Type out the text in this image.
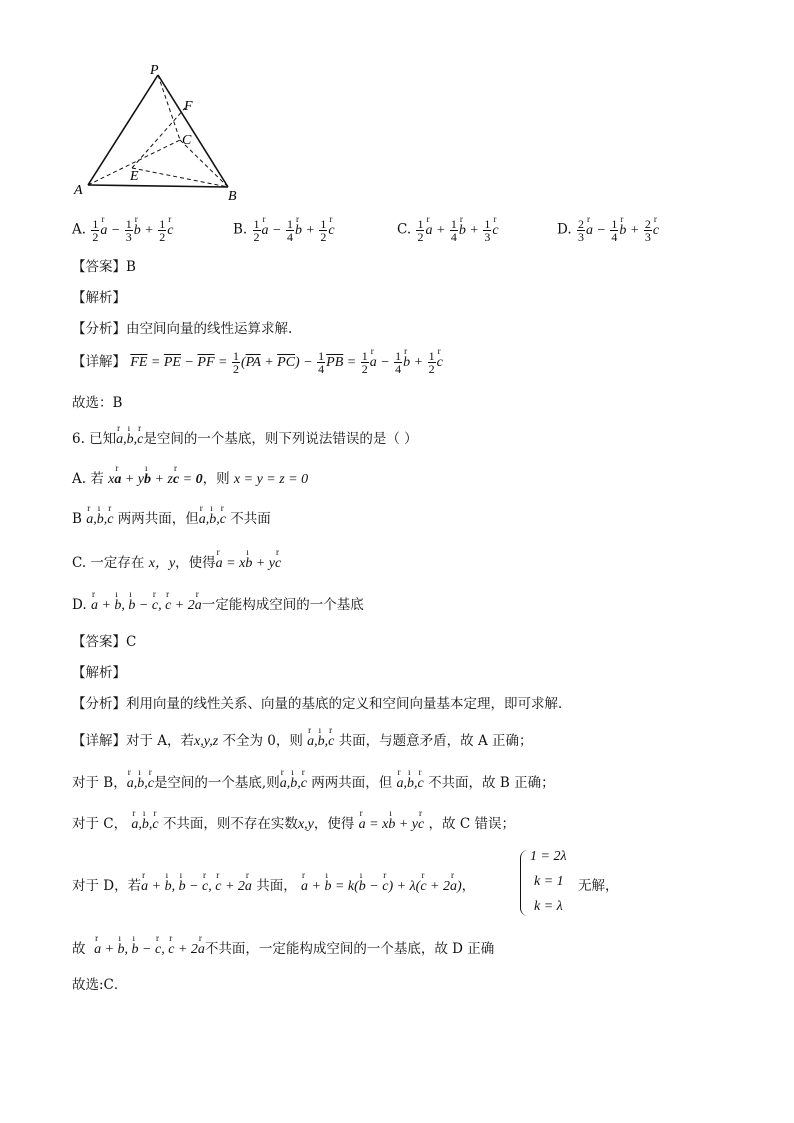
P
A	B
C
E
F
A. $\frac{1}{2}$ r $a - \frac{1}{3}$ r $b + \frac{1}{2}$ r c	B. $\frac{1}{2}$ r $a - \frac{1}{4}$ r $b + \frac{1}{2}$ r c	C. $\frac{1}{2}$ r $a + \frac{1}{4}$ r $b + \frac{1}{3}$ r c	D. $\frac{2}{3}$ r $a - \frac{1}{4}$ r $b + \frac{2}{3}$ r c
【答案】B
【解析】
【分析】由空间向量的线性运算求解.
【详解】 $\overline{FE} = \overline{PE} - \overline{PF} = \frac{1}{2} (\overline{PA} + \overline{PC}) - \frac{1}{4} \overline{PB} = \frac{1}{2}$ r $a - \frac{1}{4}$ r $b + \frac{1}{2}$ r c
故选：B
6. 已知r a,ı b,r c是空间的一个基底，则下列说法错误的是（ ）
A. 若 xr a + yı b + zr c = 0，则 x = y = z = 0
B r a,ı b,r c 两两共面，但r a,ı b,r c 不共面
C. 一定存在 x，y，使得r a = xı b + yr c
D. r a + ı b, ı b − r c, r c + 2r a一定能构成空间的一个基底
【答案】C
【解析】
【分析】利用向量的线性关系、向量的基底的定义和空间向量基本定理，即可求解．
【详解】对于 A，若x,y,z 不全为 0，则 r a,ı b,r c 共面，与题意矛盾，故 A 正确；
对于 B，r a,ı b,r c是空间的一个基底,则r a,ı b,r c 两两共面，但 r a,ı b,r c 不共面，故 B 正确；
对于 C， r a,ı b,r c 不共面，则不存在实数x,y，使得 r a = xı b + yr c ，故 C 错误；
对于 D，若r a + ı b, ı b − r c, r c + 2r a 共面， r a + ı b = k(ı b − r c) + λ(r c + 2r a)，
1 = 2λ
k = 1
k = λ
无解，
故 r a + ı b, ı b − r c, r c + 2r a不共面，一定能构成空间的一个基底，故 D 正确
故选:C．
